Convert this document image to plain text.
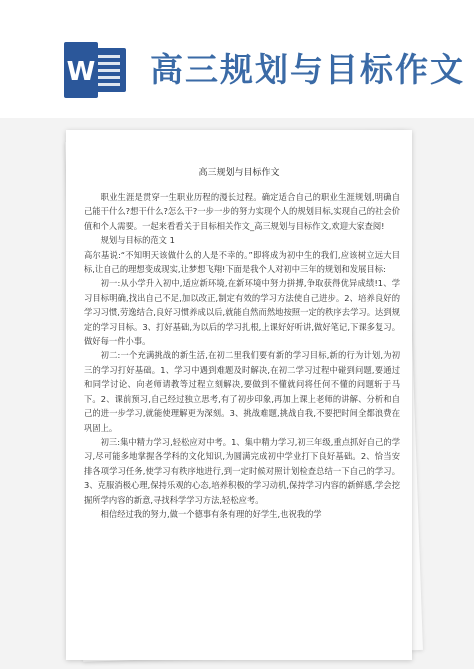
W 高三规划与目标作文
高三规划与目标作文

职业生涯是贯穿一生职业历程的漫长过程。确定适合自己的职业生涯规划,明确自己能干什么?想干什么?怎么干?一步一步的努力实现个人的规划目标,实现自己的社会价值和个人需要。一起来看看关于目标相关作文_高三规划与目标作文,欢迎大家查阅!

规划与目标的范文 1

高尔基说:“不知明天该做什么的人是不幸的。”即将成为初中生的我们,应该树立远大目标,让自己的理想变成现实,让梦想飞翔!下面是我个人对初中三年的规划和发展目标:

初一:从小学升入初中,适应新环境,在新环境中努力拼搏,争取获得优异成绩!1、学习目标明确,找出自己不足,加以改正,制定有效的学习方法使自己进步。2、培养良好的学习习惯,劳逸结合,良好习惯养成以后,就能自然而然地按照一定的秩序去学习。达到规定的学习目标。3、打好基础,为以后的学习扎根,上课好好听讲,做好笔记,下课多复习。做好每一件小事。

初二:一个充满挑战的新生活,在初二里我们要有新的学习目标,新的行为计划,为初三的学习打好基础。1、学习中遇到难题及时解决,在初二学习过程中碰到问题,要通过和同学讨论、向老师请教等过程立刻解决,要做到不懂就问将任何不懂的问题斩于马下。2、课前预习,自己经过独立思考,有了初步印象,再加上课上老师的讲解、分析和自己的进一步学习,就能使理解更为深刻。3、挑战难题,挑战自我,不要把时间全都浪费在巩固上。

初三:集中精力学习,轻松应对中考。1、集中精力学习,初三年级,重点抓好自己的学习,尽可能多地掌握各学科的文化知识,为圆满完成初中学业打下良好基础。2、恰当安排各项学习任务,使学习有秩序地进行,到一定时候对照计划检查总结一下自己的学习。3、克服消极心理,保持乐观的心态,培养积极的学习动机,保持学习内容的新鲜感,学会挖掘所学内容的新意,寻找科学学习方法,轻松应考。

相信经过我的努力,做一个德事有条有理的好学生,也祝我的学
